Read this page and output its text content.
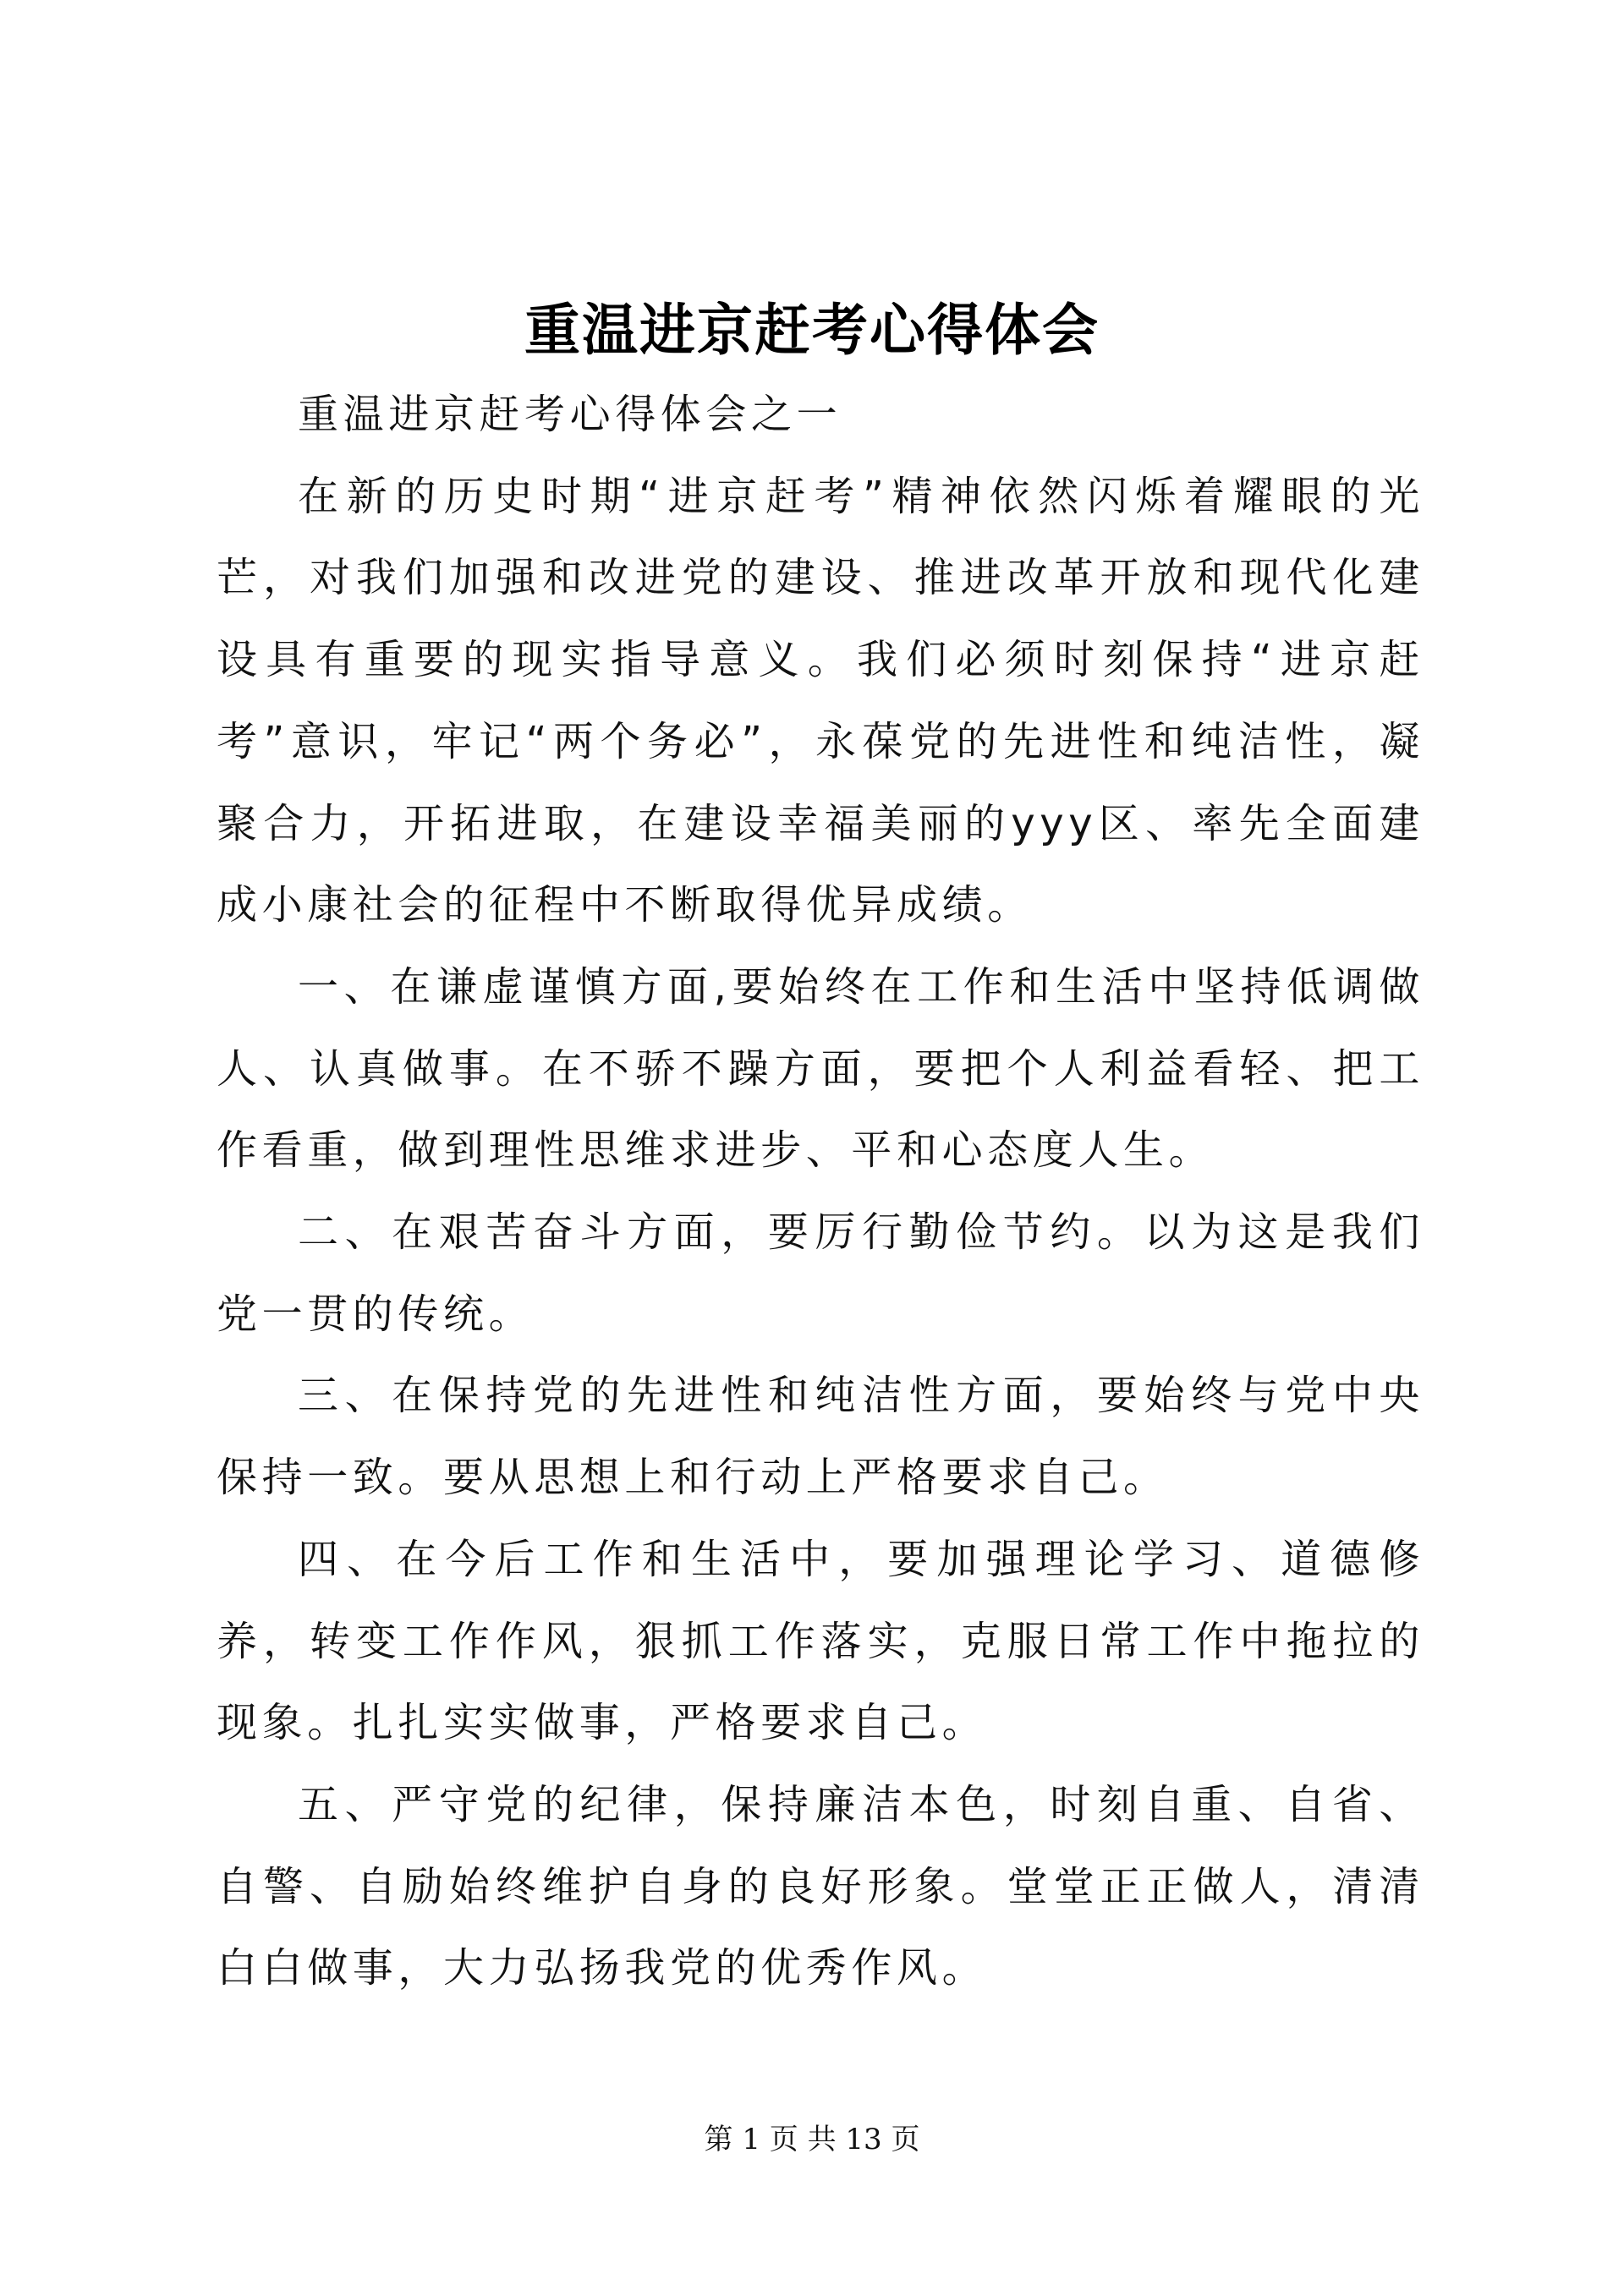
重温进京赶考心得体会

重温进京赶考心得体会之一

在新的历史时期“进京赶考”精神依然闪烁着耀眼的光芒，对我们加强和改进党的建设、推进改革开放和现代化建设具有重要的现实指导意义。我们必须时刻保持“进京赶考”意识，牢记“两个务必”，永葆党的先进性和纯洁性，凝聚合力，开拓进取，在建设幸福美丽的yyy区、率先全面建成小康社会的征程中不断取得优异成绩。

一、在谦虚谨慎方面,要始终在工作和生活中坚持低调做人、认真做事。在不骄不躁方面，要把个人利益看轻、把工作看重，做到理性思维求进步、平和心态度人生。

二、在艰苦奋斗方面，要厉行勤俭节约。以为这是我们党一贯的传统。

三、在保持党的先进性和纯洁性方面，要始终与党中央保持一致。要从思想上和行动上严格要求自己。

四、在今后工作和生活中，要加强理论学习、道德修养，转变工作作风，狠抓工作落实，克服日常工作中拖拉的现象。扎扎实实做事，严格要求自己。

五、严守党的纪律，保持廉洁本色，时刻自重、自省、自警、自励始终维护自身的良好形象。堂堂正正做人，清清白白做事，大力弘扬我党的优秀作风。

第 1 页 共 13 页
